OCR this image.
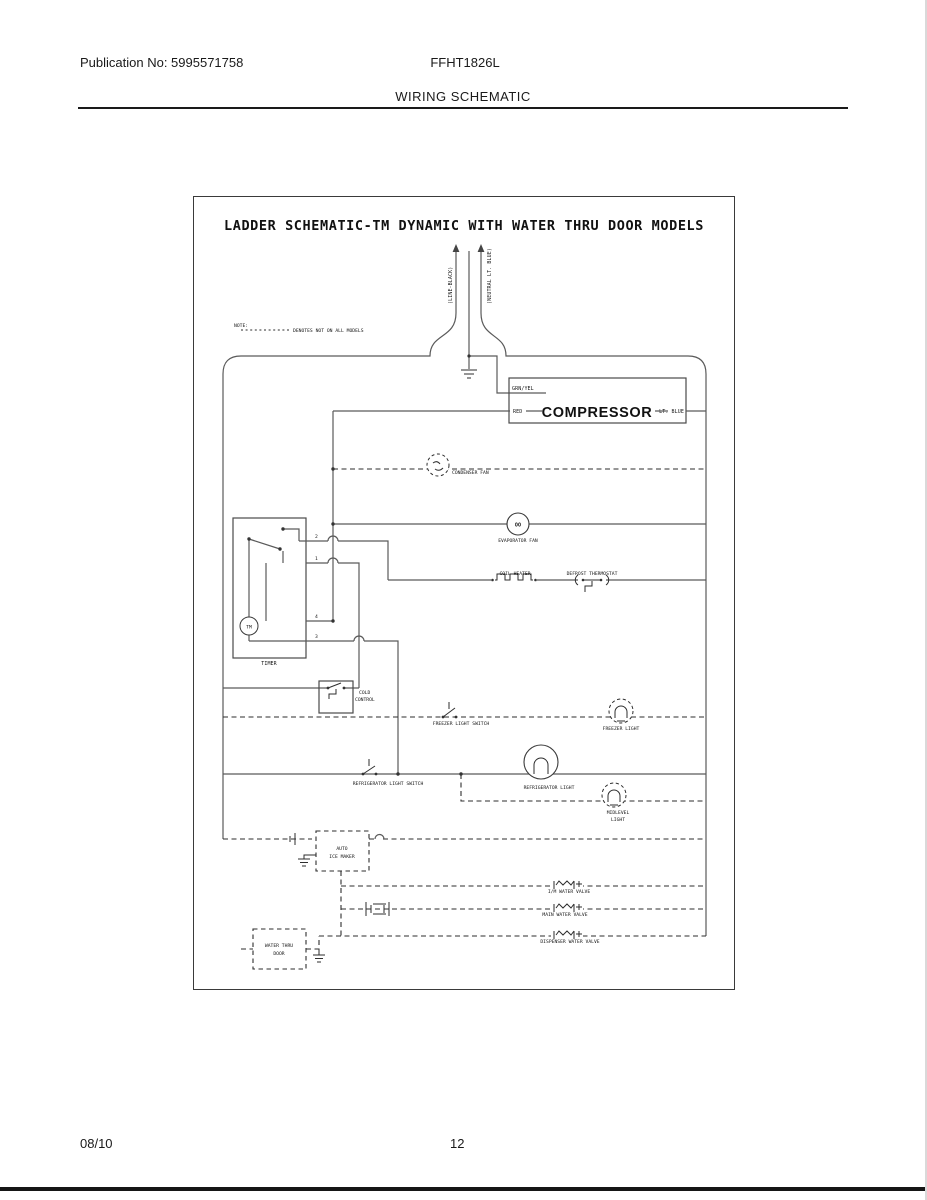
Publication No: 5995571758	FFHT1826L
WIRING SCHEMATIC
LADDER SCHEMATIC-TM DYNAMIC WITH WATER THRU DOOR MODELS
NOTE:
DENOTES NOT ON ALL MODELS
(LINE-BLACK)	(NEUTRAL LT. BLUE)
GRN/YEL
RED COMPRESSOR LT. BLUE
CONDENSER FAN
OO
EVAPORATOR FAN
TM
TIMER
2
1
4
3
COIL HEATER	DEFROST THERMOSTAT
COLD
CONTROL
FREEZER LIGHT SWITCH
FREEZER LIGHT
REFRIGERATOR LIGHT SWITCH
REFRIGERATOR LIGHT
MIDLEVEL
LIGHT
AUTO
ICE MAKER
I/M WATER VALVE
MAIN WATER VALVE
DISPENSER WATER VALVE
WATER THRU
DOOR
08/10	12
